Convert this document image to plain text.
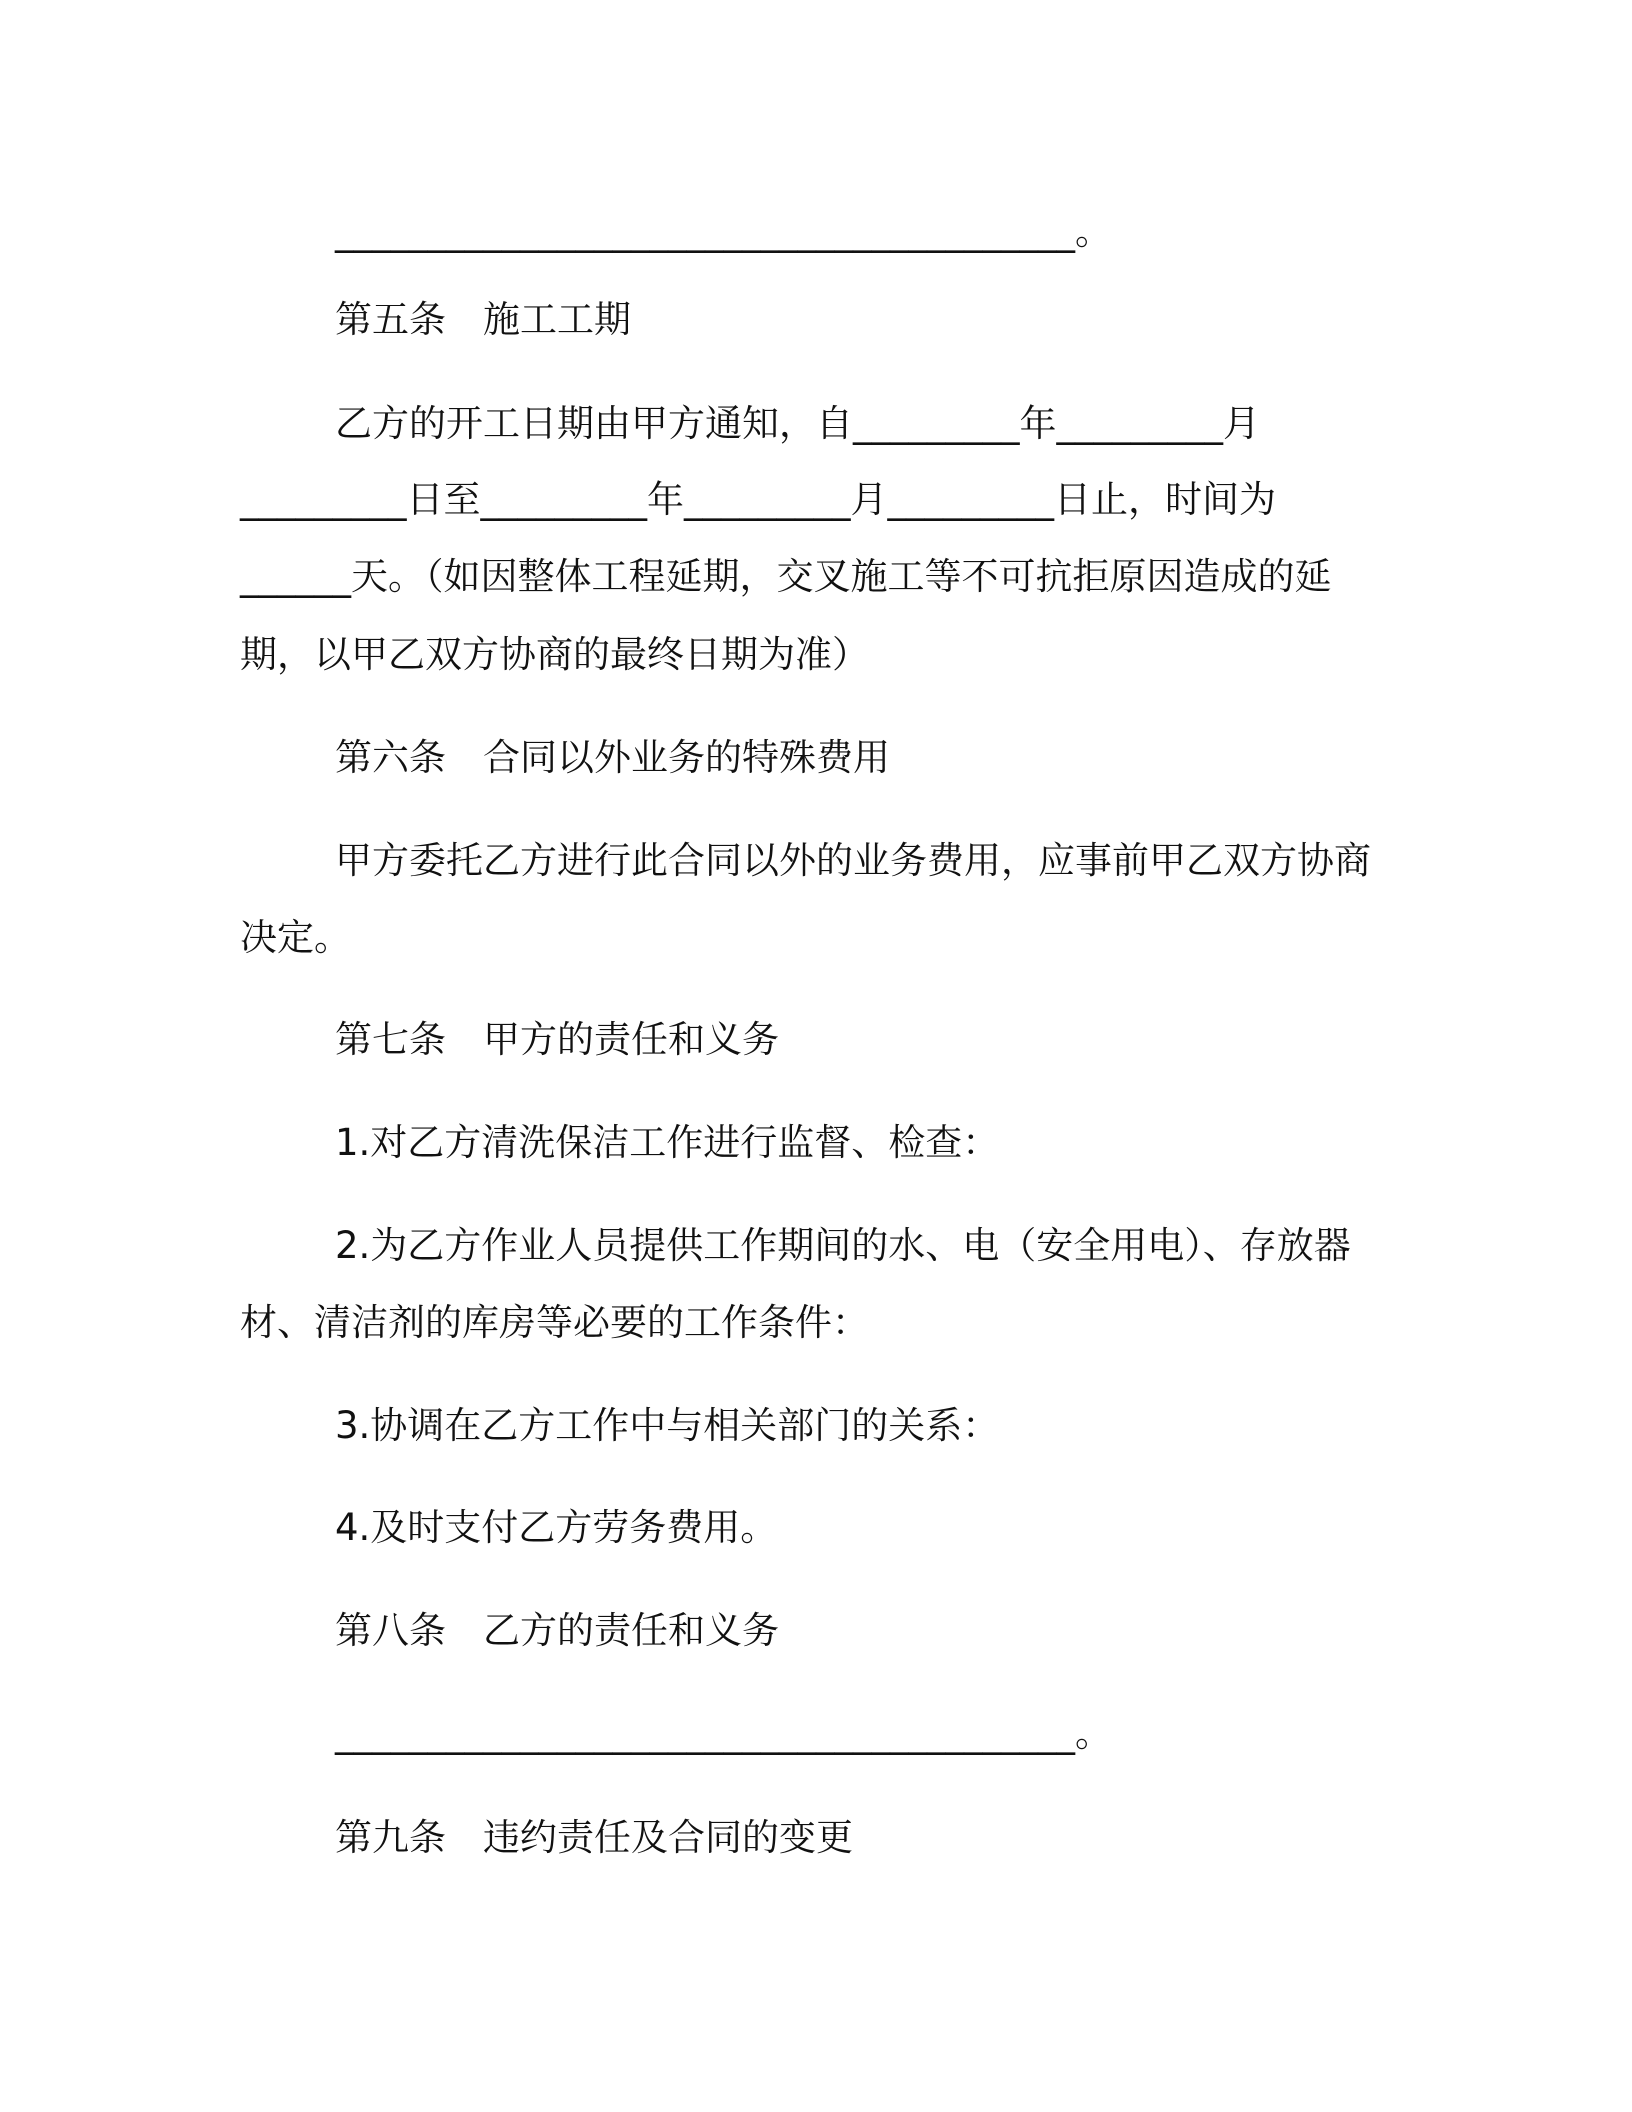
________________________________________。
第五条　施工工期
乙方的开工日期由甲方通知，自_________年_________月
_________日至_________年_________月_________日止，时间为
______天。（如因整体工程延期，交叉施工等不可抗拒原因造成的延
期，以甲乙双方协商的最终日期为准）
第六条　合同以外业务的特殊费用
甲方委托乙方进行此合同以外的业务费用，应事前甲乙双方协商
决定。
第七条　甲方的责任和义务
1.对乙方清洗保洁工作进行监督、检查：
2.为乙方作业人员提供工作期间的水、电（安全用电）、存放器
材、清洁剂的库房等必要的工作条件：
3.协调在乙方工作中与相关部门的关系：
4.及时支付乙方劳务费用。
第八条　乙方的责任和义务
________________________________________。
第九条　违约责任及合同的变更
